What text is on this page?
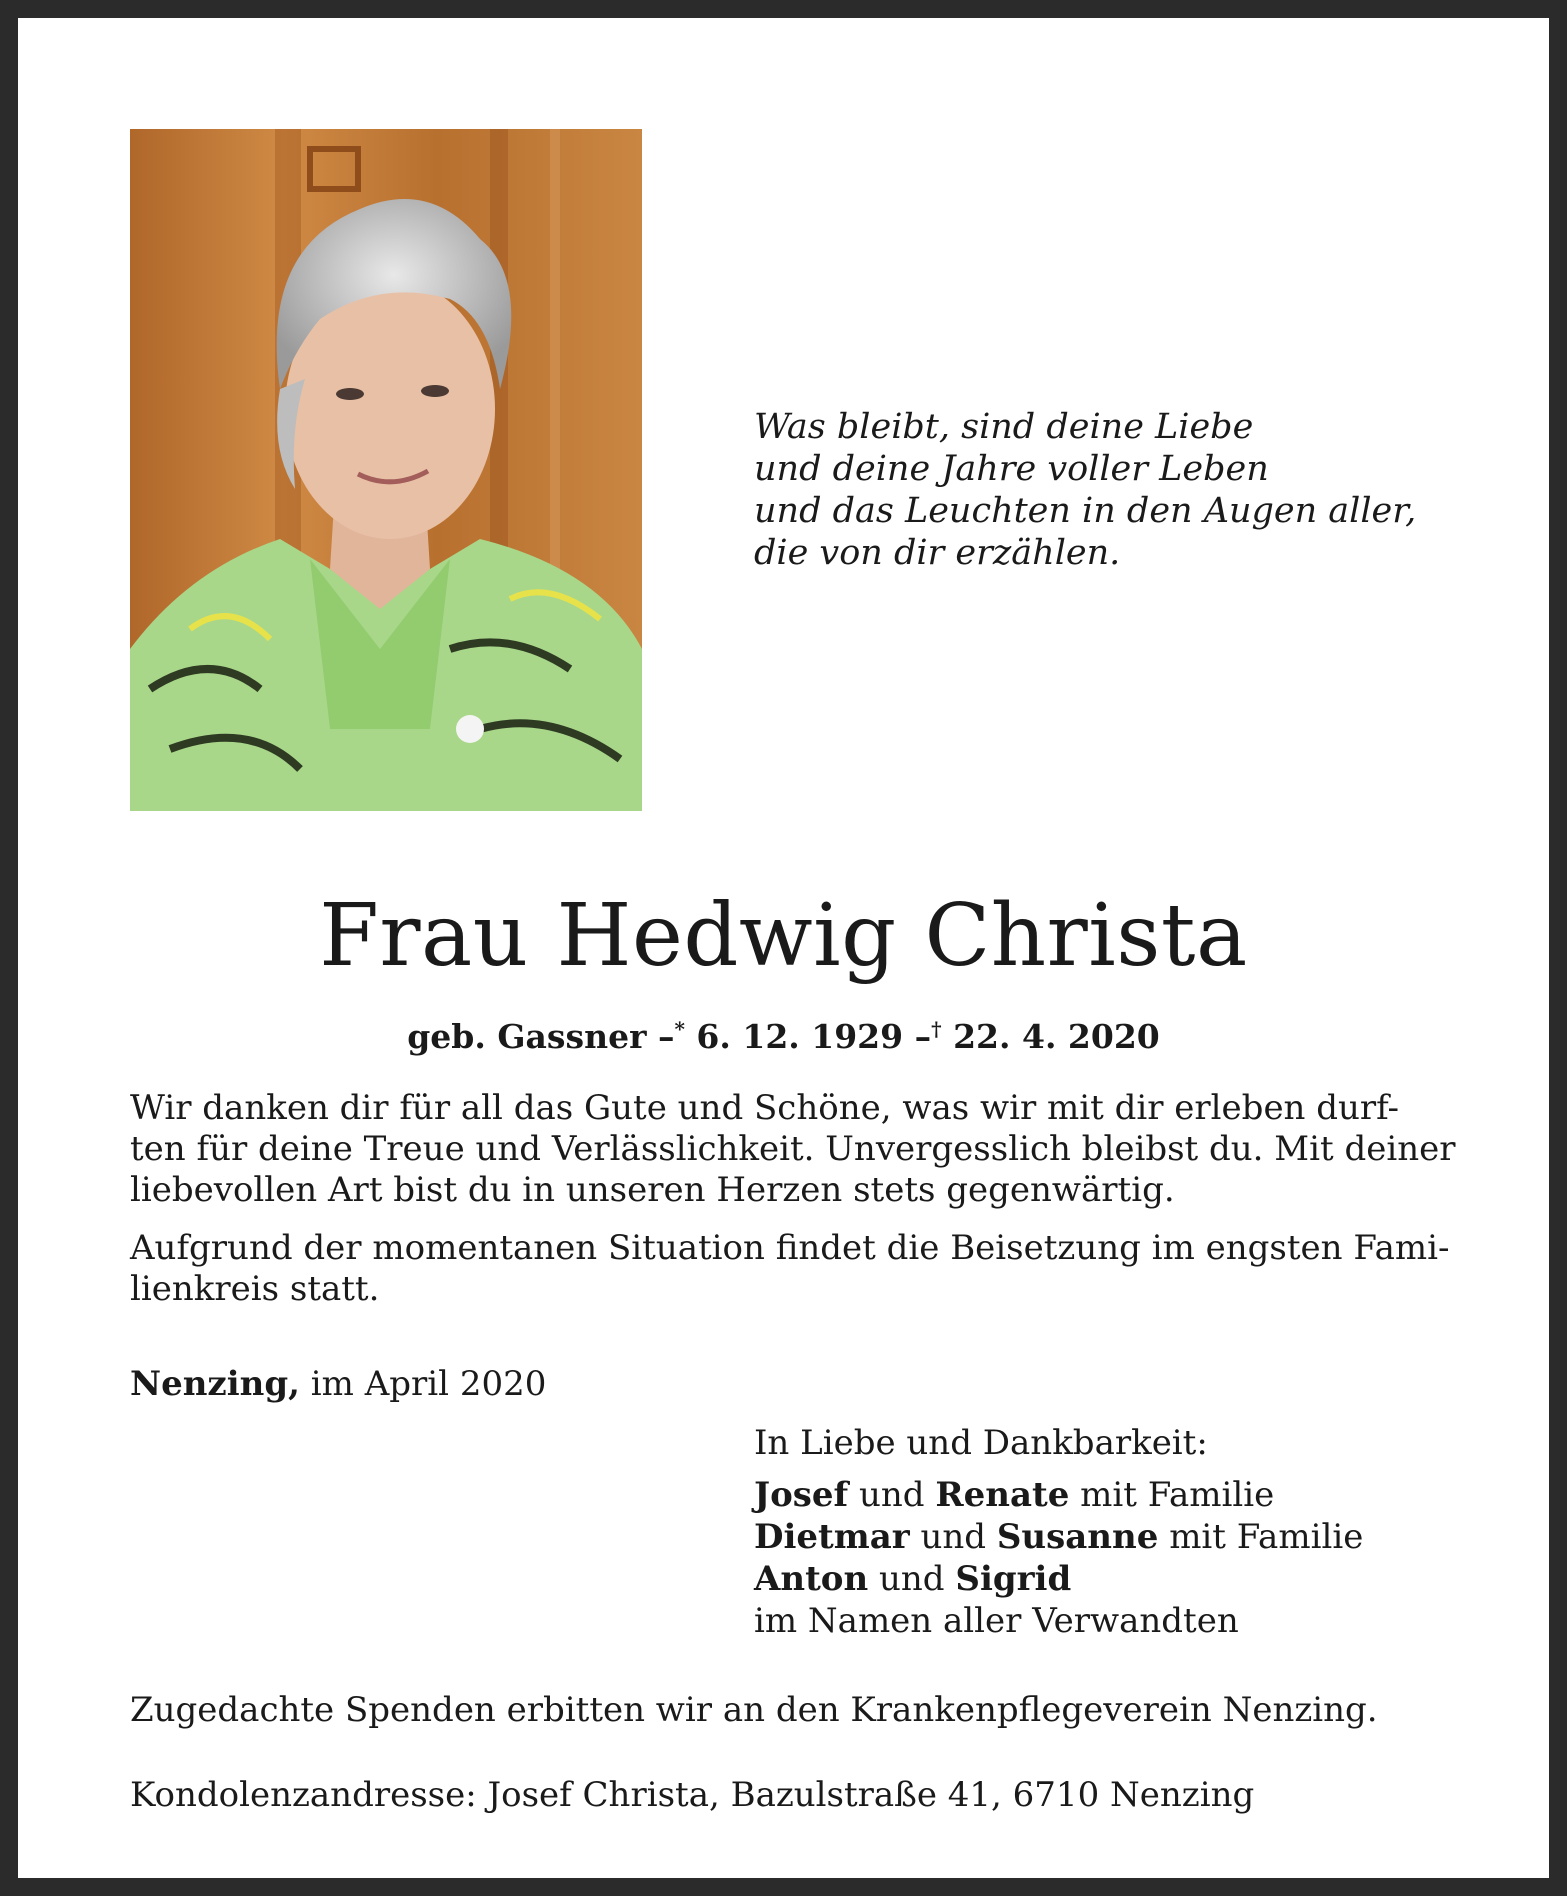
Was bleibt, sind deine Liebe
und deine Jahre voller Leben
und das Leuchten in den Augen aller,
die von dir erzählen.
Frau Hedwig Christa
geb. Gassner –* 6. 12. 1929 –† 22. 4. 2020
Wir danken dir für all das Gute und Schöne, was wir mit dir erleben durf-
ten für deine Treue und Verlässlichkeit. Unvergesslich bleibst du. Mit deiner
liebevollen Art bist du in unseren Herzen stets gegenwärtig.
Aufgrund der momentanen Situation findet die Beisetzung im engsten Fami-
lienkreis statt.
Nenzing, im April 2020
In Liebe und Dankbarkeit:
Josef und Renate mit Familie
Dietmar und Susanne mit Familie
Anton und Sigrid
im Namen aller Verwandten
Zugedachte Spenden erbitten wir an den Krankenpflegeverein Nenzing.
Kondolenzandresse: Josef Christa, Bazulstraße 41, 6710 Nenzing
